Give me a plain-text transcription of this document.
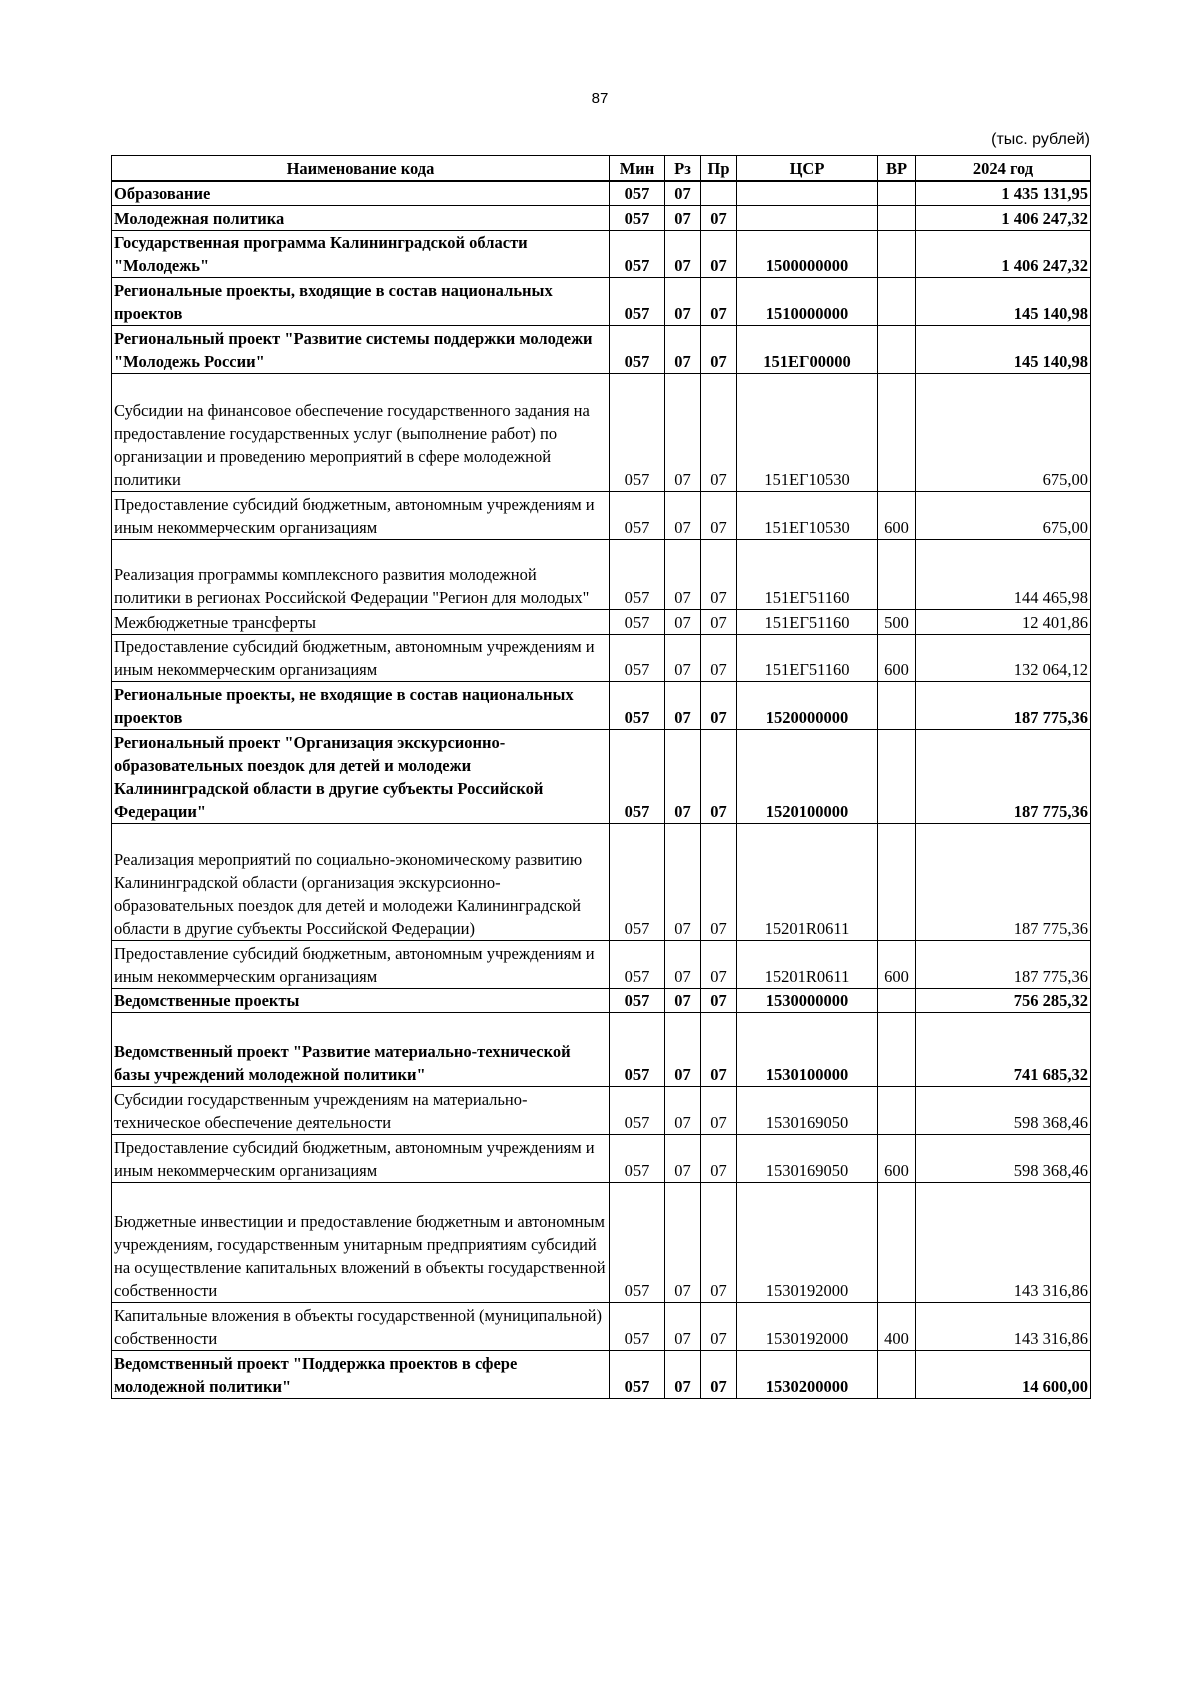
87
(тыс. рублей)
Наименование кода	Мин	Рз	Пр	ЦСР	ВР	2024 год
Образование	057	07				1 435 131,95
Молодежная политика	057	07	07			1 406 247,32
Государственная программа Калининградской области "Молодежь"	057	07	07	1500000000		1 406 247,32
Региональные проекты, входящие в состав национальных проектов	057	07	07	1510000000		145 140,98
Региональный проект "Развитие системы поддержки молодежи "Молодежь России"	057	07	07	151ЕГ00000		145 140,98
Субсидии на финансовое обеспечение государственного задания на предоставление государственных услуг (выполнение работ) по организации и проведению мероприятий в сфере молодежной политики	057	07	07	151ЕГ10530		675,00
Предоставление субсидий бюджетным, автономным учреждениям и иным некоммерческим организациям	057	07	07	151ЕГ10530	600	675,00
Реализация программы комплексного развития молодежной политики в регионах Российской Федерации "Регион для молодых"	057	07	07	151ЕГ51160		144 465,98
Межбюджетные трансферты	057	07	07	151ЕГ51160	500	12 401,86
Предоставление субсидий бюджетным, автономным учреждениям и иным некоммерческим организациям	057	07	07	151ЕГ51160	600	132 064,12
Региональные проекты, не входящие в состав национальных проектов	057	07	07	1520000000		187 775,36
Региональный проект "Организация экскурсионно-образовательных поездок для детей и молодежи Калининградской области в другие субъекты Российской Федерации"	057	07	07	1520100000		187 775,36
Реализация мероприятий по социально-экономическому развитию Калининградской области (организация экскурсионно-образовательных поездок для детей и молодежи Калининградской области в другие субъекты Российской Федерации)	057	07	07	15201R0611		187 775,36
Предоставление субсидий бюджетным, автономным учреждениям и иным некоммерческим организациям	057	07	07	15201R0611	600	187 775,36
Ведомственные проекты	057	07	07	1530000000		756 285,32
Ведомственный проект "Развитие материально-технической базы учреждений молодежной политики"	057	07	07	1530100000		741 685,32
Субсидии государственным учреждениям на материально-техническое обеспечение деятельности	057	07	07	1530169050		598 368,46
Предоставление субсидий бюджетным, автономным учреждениям и иным некоммерческим организациям	057	07	07	1530169050	600	598 368,46
Бюджетные инвестиции и предоставление бюджетным и автономным учреждениям, государственным унитарным предприятиям субсидий на осуществление капитальных вложений в объекты государственной собственности	057	07	07	1530192000		143 316,86
Капитальные вложения в объекты государственной (муниципальной) собственности	057	07	07	1530192000	400	143 316,86
Ведомственный проект "Поддержка проектов в сфере молодежной политики"	057	07	07	1530200000		14 600,00
